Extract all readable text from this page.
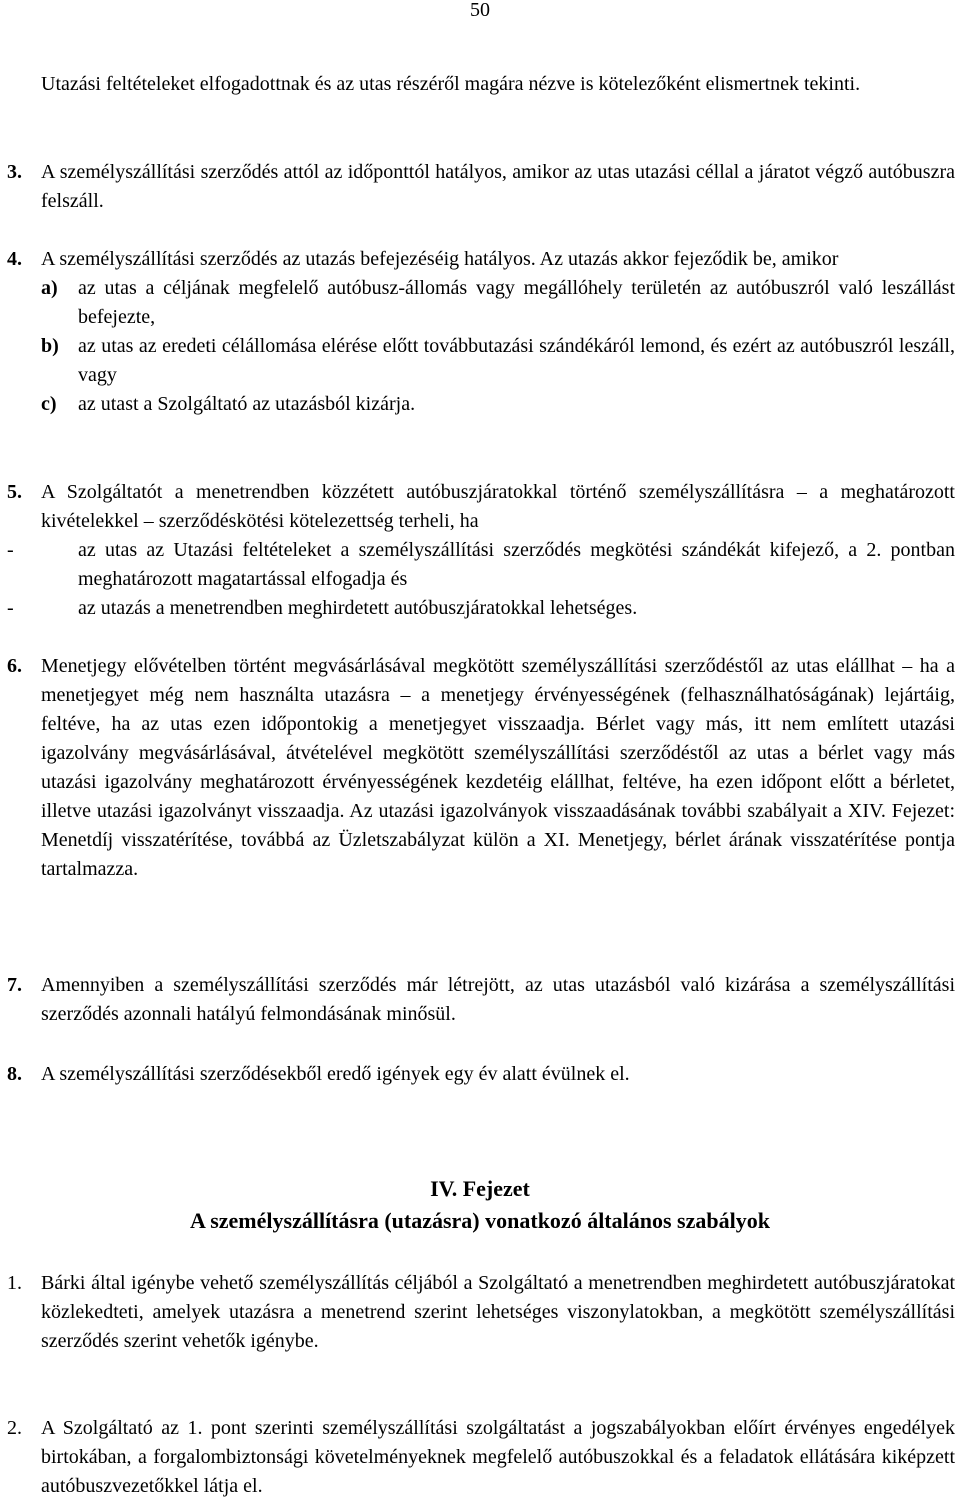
50
Utazási feltételeket elfogadottnak és az utas részéről magára nézve is kötelezőként elismertnek tekinti.
3. A személyszállítási szerződés attól az időponttól hatályos, amikor az utas utazási céllal a járatot végző autóbuszra felszáll.
4. A személyszállítási szerződés az utazás befejezéséig hatályos. Az utazás akkor fejeződik be, amikor
a) az utas a céljának megfelelő autóbusz-állomás vagy megállóhely területén az autóbuszról való leszállást befejezte,
b) az utas az eredeti célállomása elérése előtt továbbutazási szándékáról lemond, és ezért az autóbuszról leszáll, vagy
c) az utast a Szolgáltató az utazásból kizárja.
5. A Szolgáltatót a menetrendben közzétett autóbuszjáratokkal történő személyszállításra – a meghatározott kivételekkel – szerződéskötési kötelezettség terheli, ha
-	az utas az Utazási feltételeket a személyszállítási szerződés megkötési szándékát kifejező, a 2. pontban meghatározott magatartással elfogadja és
-	az utazás a menetrendben meghirdetett autóbuszjáratokkal lehetséges.
6. Menetjegy elővételben történt megvásárlásával megkötött személyszállítási szerződéstől az utas elállhat – ha a menetjegyet még nem használta utazásra – a menetjegy érvényességének (felhasználhatóságának) lejártáig, feltéve, ha az utas ezen időpontokig a menetjegyet visszaadja. Bérlet vagy más, itt nem említett utazási igazolvány megvásárlásával, átvételével megkötött személyszállítási szerződéstől az utas a bérlet vagy más utazási igazolvány meghatározott érvényességének kezdetéig elállhat, feltéve, ha ezen időpont előtt a bérletet, illetve utazási igazolványt visszaadja. Az utazási igazolványok visszaadásának további szabályait a XIV. Fejezet: Menetdíj visszatérítése, továbbá az Üzletszabályzat külön a XI. Menetjegy, bérlet árának visszatérítése pontja tartalmazza.
7. Amennyiben a személyszállítási szerződés már létrejött, az utas utazásból való kizárása a személyszállítási szerződés azonnali hatályú felmondásának minősül.
8. A személyszállítási szerződésekből eredő igények egy év alatt évülnek el.
IV. Fejezet
A személyszállításra (utazásra) vonatkozó általános szabályok
1. Bárki által igénybe vehető személyszállítás céljából a Szolgáltató a menetrendben meghirdetett autóbuszjáratokat közlekedteti, amelyek utazásra a menetrend szerint lehetséges viszonylatokban, a megkötött személyszállítási szerződés szerint vehetők igénybe.
2. A Szolgáltató az 1. pont szerinti személyszállítási szolgáltatást a jogszabályokban előírt érvényes engedélyek birtokában, a forgalombiztonsági követelményeknek megfelelő autóbuszokkal és a feladatok ellátására kiképzett autóbuszvezetőkkel látja el.
